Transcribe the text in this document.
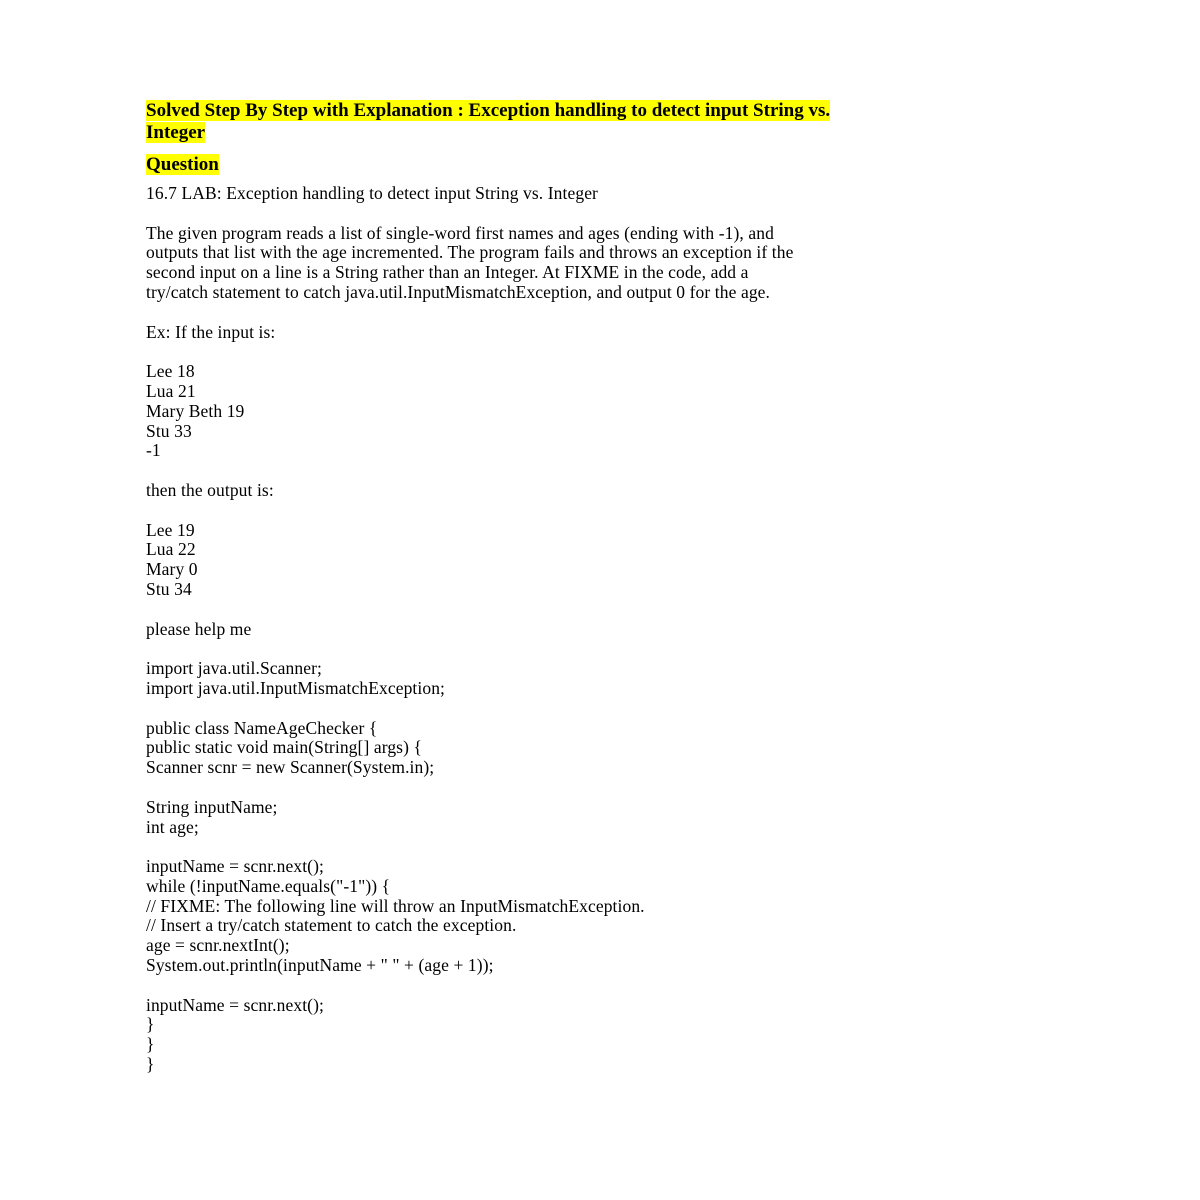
Solved Step By Step with Explanation : Exception handling to detect input String vs.
Integer
Question
16.7 LAB: Exception handling to detect input String vs. Integer
The given program reads a list of single-word first names and ages (ending with -1), and
outputs that list with the age incremented. The program fails and throws an exception if the
second input on a line is a String rather than an Integer. At FIXME in the code, add a
try/catch statement to catch java.util.InputMismatchException, and output 0 for the age.
Ex: If the input is:
Lee 18
Lua 21
Mary Beth 19
Stu 33
-1
then the output is:
Lee 19
Lua 22
Mary 0
Stu 34
please help me
import java.util.Scanner;
import java.util.InputMismatchException;
public class NameAgeChecker {
public static void main(String[] args) {
Scanner scnr = new Scanner(System.in);
String inputName;
int age;
inputName = scnr.next();
while (!inputName.equals("-1")) {
// FIXME: The following line will throw an InputMismatchException.
// Insert a try/catch statement to catch the exception.
age = scnr.nextInt();
System.out.println(inputName + " " + (age + 1));
inputName = scnr.next();
}
}
}
